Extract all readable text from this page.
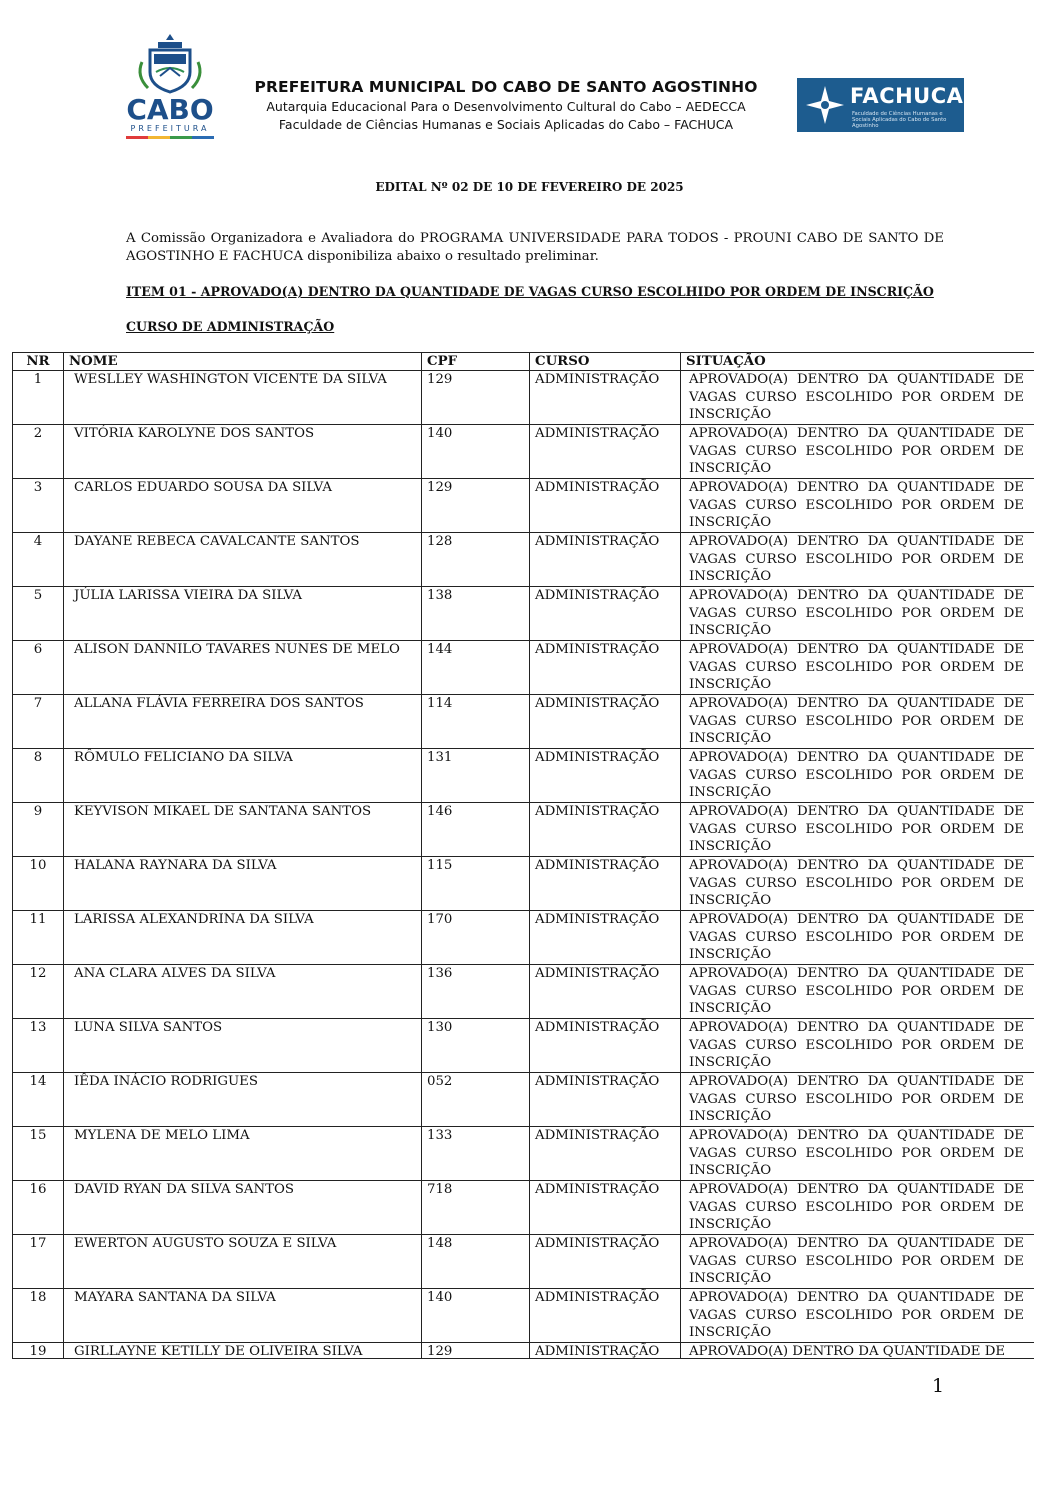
CABO
PREFEITURA
PREFEITURA MUNICIPAL DO CABO DE SANTO AGOSTINHO
Autarquia Educacional Para o Desenvolvimento Cultural do Cabo – AEDECCA
Faculdade de Ciências Humanas e Sociais Aplicadas do Cabo – FACHUCA
FACHUCA
Faculdade de Ciências Humanas e Sociais Aplicadas do Cabo de Santo Agostinho
EDITAL Nº 02 DE 10 DE FEVEREIRO DE 2025
A Comissão Organizadora e Avaliadora do PROGRAMA UNIVERSIDADE PARA TODOS - PROUNI CABO DE SANTO DE AGOSTINHO E FACHUCA disponibiliza abaixo o resultado preliminar.
ITEM 01 - APROVADO(A) DENTRO DA QUANTIDADE DE VAGAS CURSO ESCOLHIDO POR ORDEM DE INSCRIÇÃO
CURSO DE ADMINISTRAÇÃO
NR	NOME	CPF	CURSO	SITUAÇÃO
1	WESLLEY WASHINGTON VICENTE DA SILVA	129	ADMINISTRAÇÃO	APROVADO(A) DENTRO DA QUANTIDADE DE VAGAS CURSO ESCOLHIDO POR ORDEM DE INSCRIÇÃO
2	VITÓRIA KAROLYNE DOS SANTOS	140	ADMINISTRAÇÃO	APROVADO(A) DENTRO DA QUANTIDADE DE VAGAS CURSO ESCOLHIDO POR ORDEM DE INSCRIÇÃO
3	CARLOS EDUARDO SOUSA DA SILVA	129	ADMINISTRAÇÃO	APROVADO(A) DENTRO DA QUANTIDADE DE VAGAS CURSO ESCOLHIDO POR ORDEM DE INSCRIÇÃO
4	DAYANE REBECA CAVALCANTE SANTOS	128	ADMINISTRAÇÃO	APROVADO(A) DENTRO DA QUANTIDADE DE VAGAS CURSO ESCOLHIDO POR ORDEM DE INSCRIÇÃO
5	JÚLIA LARISSA VIEIRA DA SILVA	138	ADMINISTRAÇÃO	APROVADO(A) DENTRO DA QUANTIDADE DE VAGAS CURSO ESCOLHIDO POR ORDEM DE INSCRIÇÃO
6	ALISON DANNILO TAVARES NUNES DE MELO	144	ADMINISTRAÇÃO	APROVADO(A) DENTRO DA QUANTIDADE DE VAGAS CURSO ESCOLHIDO POR ORDEM DE INSCRIÇÃO
7	ALLANA FLÁVIA FERREIRA DOS SANTOS	114	ADMINISTRAÇÃO	APROVADO(A) DENTRO DA QUANTIDADE DE VAGAS CURSO ESCOLHIDO POR ORDEM DE INSCRIÇÃO
8	RÔMULO FELICIANO DA SILVA	131	ADMINISTRAÇÃO	APROVADO(A) DENTRO DA QUANTIDADE DE VAGAS CURSO ESCOLHIDO POR ORDEM DE INSCRIÇÃO
9	KEYVISON MIKAEL DE SANTANA SANTOS	146	ADMINISTRAÇÃO	APROVADO(A) DENTRO DA QUANTIDADE DE VAGAS CURSO ESCOLHIDO POR ORDEM DE INSCRIÇÃO
10	HALANA RAYNARA DA SILVA	115	ADMINISTRAÇÃO	APROVADO(A) DENTRO DA QUANTIDADE DE VAGAS CURSO ESCOLHIDO POR ORDEM DE INSCRIÇÃO
11	LARISSA ALEXANDRINA DA SILVA	170	ADMINISTRAÇÃO	APROVADO(A) DENTRO DA QUANTIDADE DE VAGAS CURSO ESCOLHIDO POR ORDEM DE INSCRIÇÃO
12	ANA CLARA ALVES DA SILVA	136	ADMINISTRAÇÃO	APROVADO(A) DENTRO DA QUANTIDADE DE VAGAS CURSO ESCOLHIDO POR ORDEM DE INSCRIÇÃO
13	LUNA SILVA SANTOS	130	ADMINISTRAÇÃO	APROVADO(A) DENTRO DA QUANTIDADE DE VAGAS CURSO ESCOLHIDO POR ORDEM DE INSCRIÇÃO
14	IÊDA INÁCIO RODRIGUES	052	ADMINISTRAÇÃO	APROVADO(A) DENTRO DA QUANTIDADE DE VAGAS CURSO ESCOLHIDO POR ORDEM DE INSCRIÇÃO
15	MYLENA DE MELO LIMA	133	ADMINISTRAÇÃO	APROVADO(A) DENTRO DA QUANTIDADE DE VAGAS CURSO ESCOLHIDO POR ORDEM DE INSCRIÇÃO
16	DAVID RYAN DA SILVA SANTOS	718	ADMINISTRAÇÃO	APROVADO(A) DENTRO DA QUANTIDADE DE VAGAS CURSO ESCOLHIDO POR ORDEM DE INSCRIÇÃO
17	EWERTON AUGUSTO SOUZA E SILVA	148	ADMINISTRAÇÃO	APROVADO(A) DENTRO DA QUANTIDADE DE VAGAS CURSO ESCOLHIDO POR ORDEM DE INSCRIÇÃO
18	MAYARA SANTANA DA SILVA	140	ADMINISTRAÇÃO	APROVADO(A) DENTRO DA QUANTIDADE DE VAGAS CURSO ESCOLHIDO POR ORDEM DE INSCRIÇÃO
19	GIRLLAYNE KETILLY DE OLIVEIRA SILVA	129	ADMINISTRAÇÃO	APROVADO(A) DENTRO DA QUANTIDADE DE
1
